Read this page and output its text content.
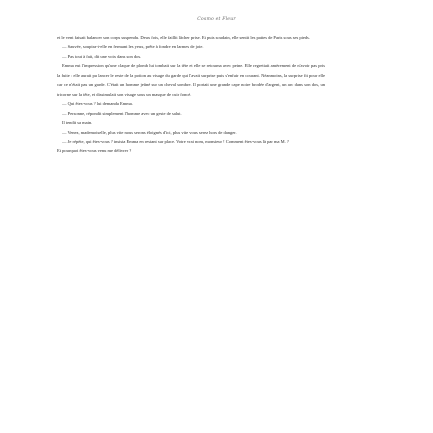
Cosmo et Fleur

et le vent faisait balancer son corps suspendu. Deux fois, elle faillit lâcher prise. Et puis soudain, elle sentit les pattes de Paris sous ses pieds.

— Sauvée, soupira-t-elle en fermant les yeux, prête à fondre en larmes de joie.

— Pas tout à fait, dit une voix dans son dos.

Emma eut l'impression qu'une claque de plomb lui tombait sur la tête et elle se retourna avec peine. Elle regrettait amèrement de n'avoir pas pris la fuite : elle aurait pu lancer le reste de la potion au visage du garde qui l'avait surprise puis s'enfuir en courant. Néanmoins, la surprise fit pour elle car ce n'était pas un garde. C'était un homme jeûné sur un cheval sombre. Il portait une grande cape noire brodée d'argent, un arc dans son dos, un tricorne sur la tête, et dissimulait son visage sous un masque de cuir foncé.

— Qui êtes-vous ? lui demanda Emma.

— Personne, répondit simplement l'homme avec un geste de salut.

Il tendit sa main.

— Venez, mademoiselle, plus vite nous serons éloignés d'ici, plus vite vous serez hors de danger.

— Je répète, qui êtes-vous ? insista Emma en restant sur place. Votre vrai nom, monsieur ! Comment êtes-vous là par ma M. ?

Et pourquoi êtes-vous venu me délivrer ?
